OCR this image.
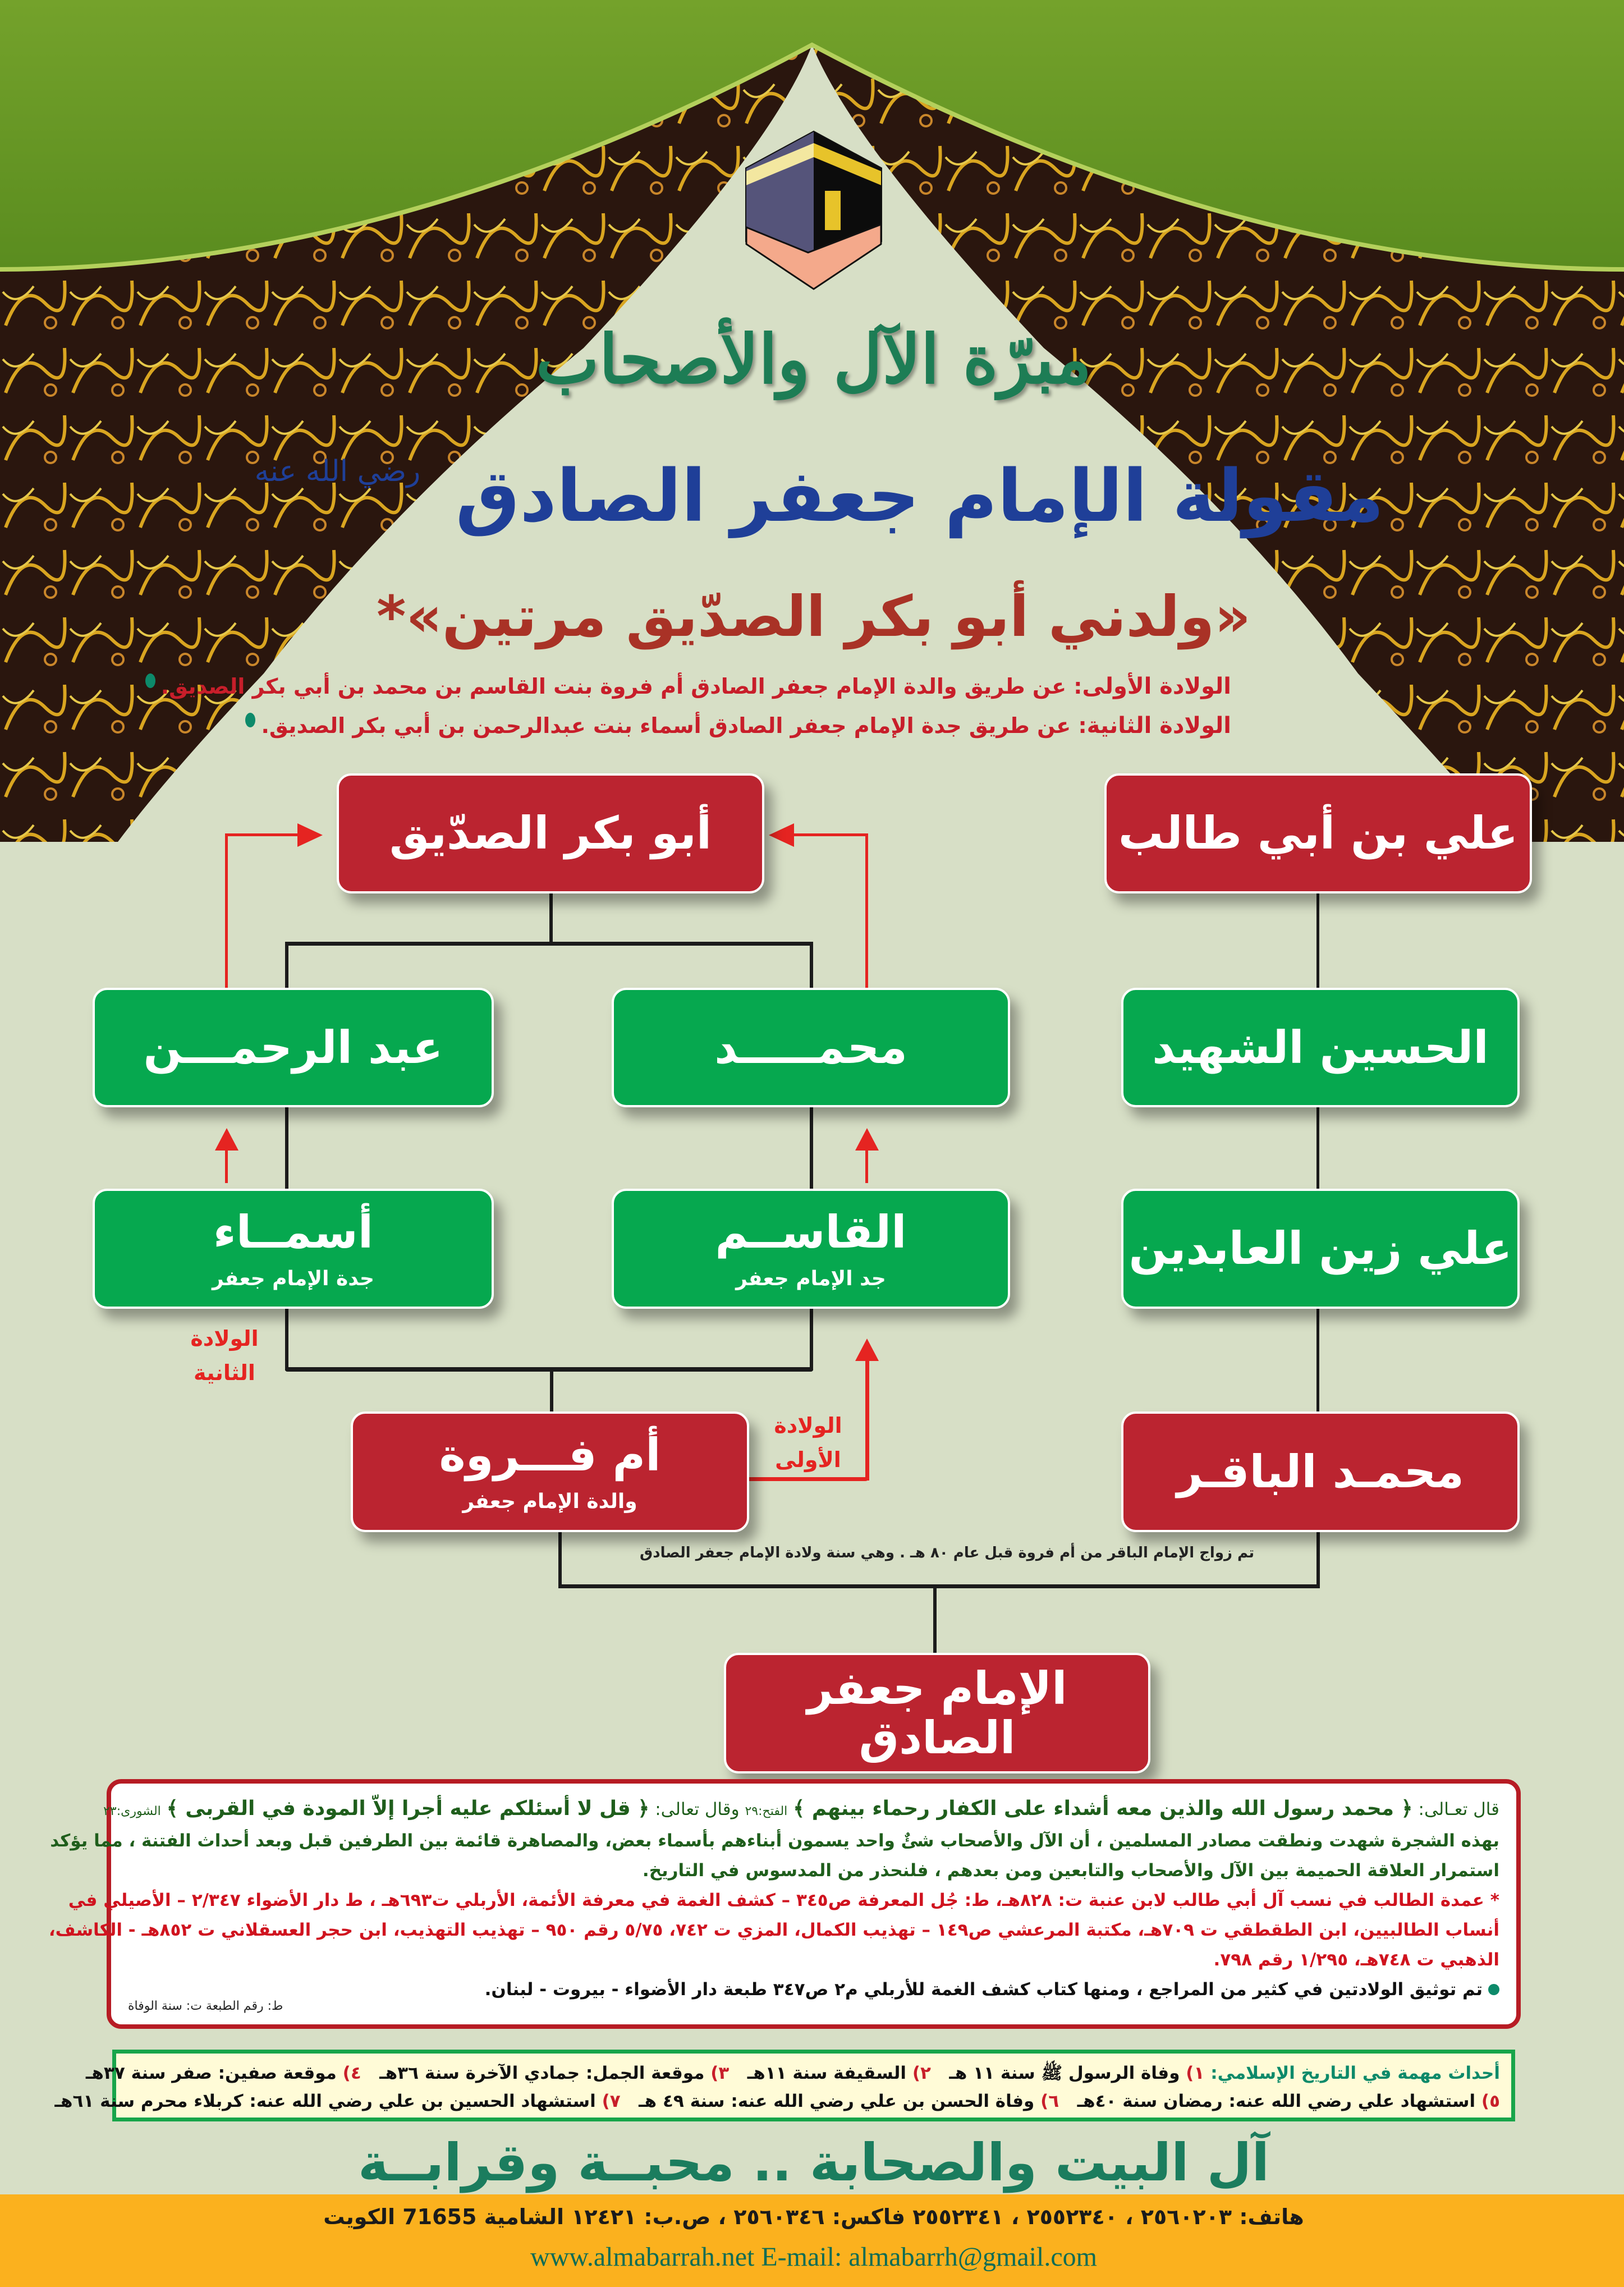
مبرّة الآل والأصحاب
مقولة الإمام جعفر الصادق $^{رضي الله عنه}$
«ولدني أبو بكر الصدّيق مرتين»*
الولادة الأولى: عن طريق والدة الإمام جعفر الصادق أم فروة بنت القاسم بن محمد بن أبي بكر الصديق.
الولادة الثانية: عن طريق جدة الإمام جعفر الصادق أسماء بنت عبدالرحمن بن أبي بكر الصديق.
الولادة
الثانية
الولادة
الأولى
أبو بكر الصدّيق	علي بن أبي طالب
عبد الرحمـــن	محمـــــد	الحسين الشهيد
أسمــاء
جدة الإمام جعفر
القاســم
جد الإمام جعفر
علي زين العابدين
أم فـــروة
والدة الإمام جعفر
محمـد الباقـر
الإمام جعفر الصادق
تم زواج الإمام الباقر من أم فروة قبل عام ٨٠ هـ . وهي سنة ولادة الإمام جعفر الصادق
قال تعـالى: ﴿ محمد رسول الله والذين معه أشداء على الكفار رحماء بينهم ﴾ الفتح:٢٩ وقال تعالى: ﴿ قل لا أسئلكم عليه أجرا إلاّ المودة في القربى ﴾ الشورى:٢٣
بهذه الشجرة شهدت ونطقت مصادر المسلمين ، أن الآل والأصحاب شئٌ واحد يسمون أبناءهم بأسماء بعض، والمصاهرة قائمة بين الطرفين قبل وبعد أحداث الفتنة ، مما يؤكد
استمرار العلاقة الحميمة بين الآل والأصحاب والتابعين ومن بعدهم ، فلنحذر من المدسوس في التاريخ.
* عمدة الطالب في نسب آل أبي طالب لابن عنبة ت: ٨٢٨هـ، ط: جُل المعرفة ص٣٤٥ – كشف الغمة في معرفة الأئمة، الأربلي ت٦٩٣هـ ، ط دار الأضواء ٢/٣٤٧ – الأصيلي في
أنساب الطالبيين، ابن الطقطقي ت ٧٠٩هـ، مكتبة المرعشي ص١٤٩ – تهذيب الكمال، المزي ت ٧٤٢، ٥/٧٥ رقم ٩٥٠ – تهذيب التهذيب، ابن حجر العسقلاني ت ٨٥٢هـ - الكاشف،
الذهبي ت ٧٤٨هـ، ١/٢٩٥ رقم ٧٩٨.
تم توثيق الولادتين في كثير من المراجع ، ومنها كتاب كشف الغمة للأربلي م٢ ص٣٤٧ طبعة دار الأضواء - بيروت - لبنان.
ط: رقم الطبعة ت: سنة الوفاة
أحداث مهمة في التاريخ الإسلامي: ١) وفاة الرسول ﷺ سنة ١١ هـ   ٢) السقيفة سنة ١١هـ   ٣) موقعة الجمل: جمادي الآخرة سنة ٣٦هـ   ٤) موقعة صفين: صفر سنة ٣٧هـ
٥) استشهاد علي رضي الله عنه: رمضان سنة ٤٠هـ   ٦) وفاة الحسن بن علي رضي الله عنه: سنة ٤٩ هـ   ٧) استشهاد الحسين بن علي رضي الله عنه: كربلاء محرم سنة ٦١هـ
آل البيت والصحابة .. محبــة وقرابــة
هاتف: ٢٥٦٠٢٠٣ ، ٢٥٥٢٣٤٠ ، ٢٥٥٢٣٤١ فاكس: ٢٥٦٠٣٤٦ ، ص.ب: ١٢٤٢١ الشامية 71655 الكويت
www.almabarrah.net E-mail: almabarrh@gmail.com
